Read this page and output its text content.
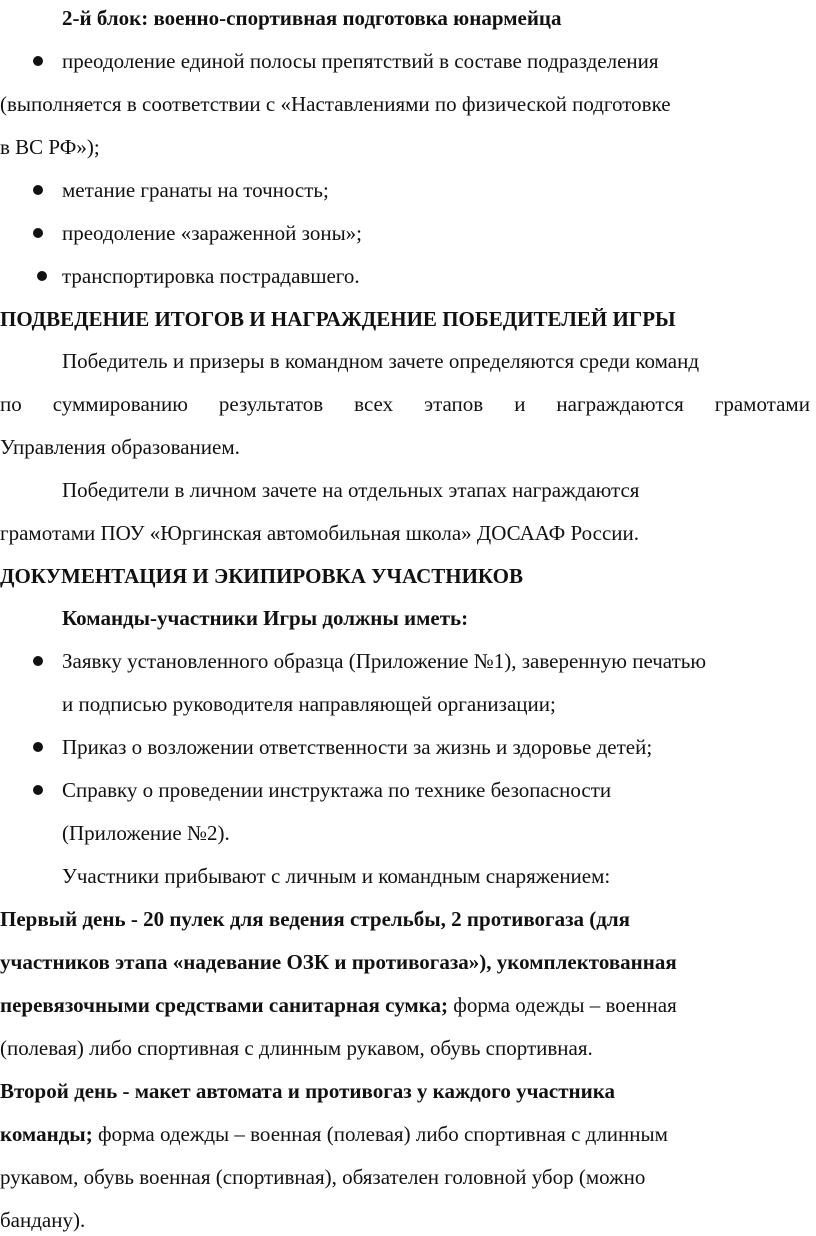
2-й блок: военно-спортивная подготовка юнармейца
преодоление единой полосы препятствий в составе подразделения
(выполняется в соответствии с «Наставлениями по физической подготовке
в ВС РФ»);
метание гранаты на точность;
преодоление «зараженной зоны»;
транспортировка пострадавшего.
ПОДВЕДЕНИЕ ИТОГОВ И НАГРАЖДЕНИЕ ПОБЕДИТЕЛЕЙ ИГРЫ
Победитель и призеры в командном зачете определяются среди команд
по суммированию результатов всех этапов и награждаются грамотами
Управления образованием.
Победители в личном зачете на отдельных этапах награждаются
грамотами ПОУ «Юргинская автомобильная школа» ДОСААФ России.
ДОКУМЕНТАЦИЯ И ЭКИПИРОВКА УЧАСТНИКОВ
Команды-участники Игры должны иметь:
Заявку установленного образца (Приложение №1), заверенную печатью
и подписью руководителя направляющей организации;
Приказ о возложении ответственности за жизнь и здоровье детей;
Справку о проведении инструктажа по технике безопасности
(Приложение №2).
Участники прибывают с личным и командным снаряжением:
Первый день - 20 пулек для ведения стрельбы, 2 противогаза (для
участников этапа «надевание ОЗК и противогаза»), укомплектованная
перевязочными средствами санитарная сумка; форма одежды – военная
(полевая) либо спортивная с длинным рукавом, обувь спортивная.
Второй день - макет автомата и противогаз у каждого участника
команды; форма одежды – военная (полевая) либо спортивная с длинным
рукавом, обувь военная (спортивная), обязателен головной убор (можно
бандану).
